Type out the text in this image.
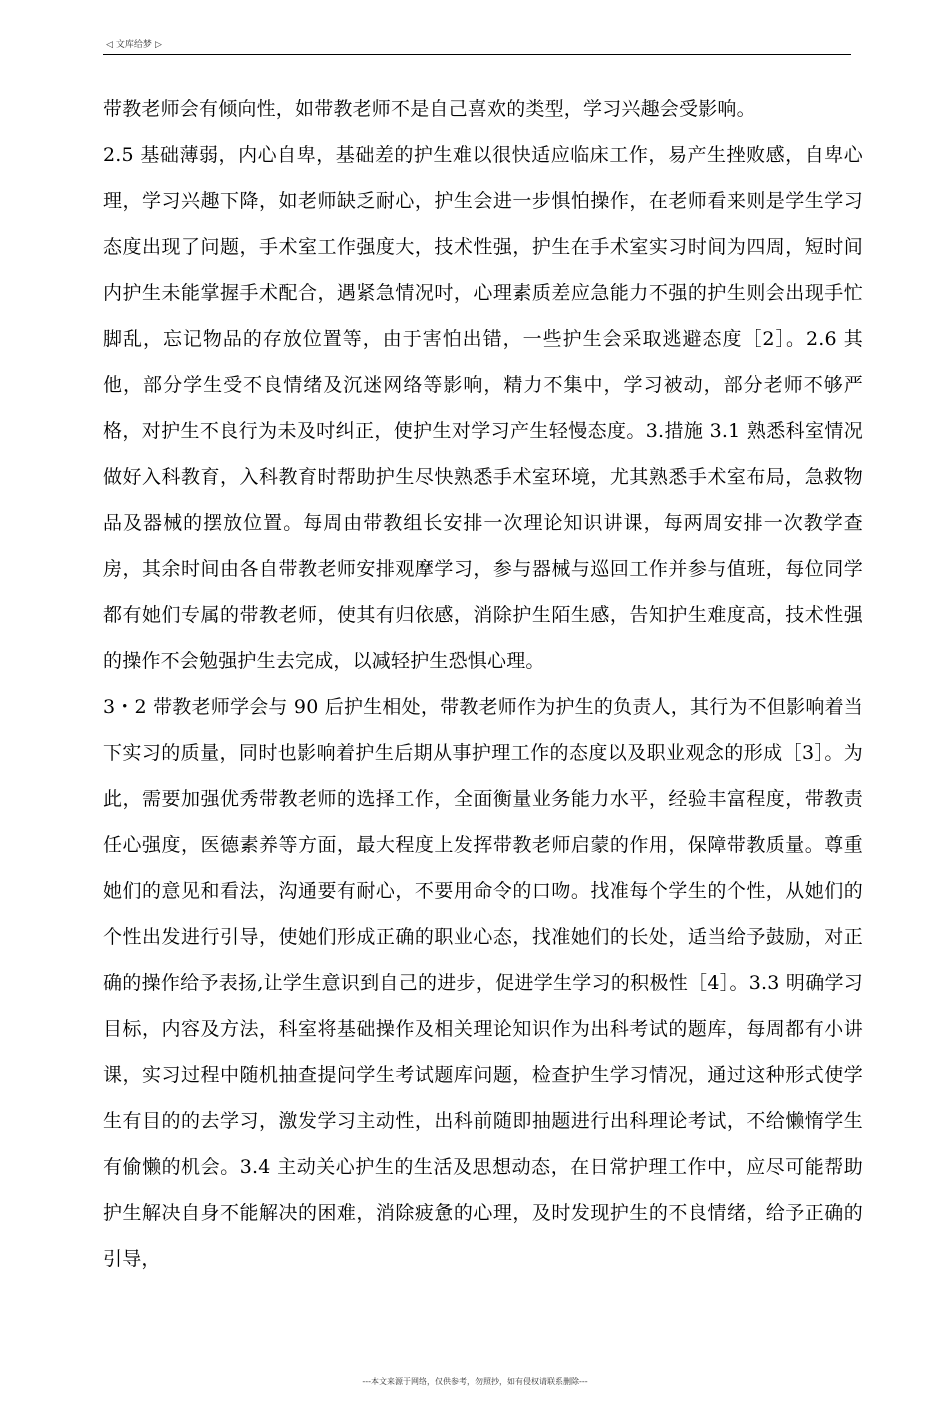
◁ 文库给梦 ▷

带教老师会有倾向性，如带教老师不是自己喜欢的类型，学习兴趣会受影响。

2.5 基础薄弱，内心自卑，基础差的护生难以很快适应临床工作，易产生挫败感，自卑心理，学习兴趣下降，如老师缺乏耐心，护生会进一步惧怕操作，在老师看来则是学生学习态度出现了问题，手术室工作强度大，技术性强，护生在手术室实习时间为四周，短时间内护生未能掌握手术配合，遇紧急情况吋，心理素质差应急能力不强的护生则会出现手忙脚乱，忘记物品的存放位置等，由于害怕出错，一些护生会采取逃避态度［2］。2.6 其他，部分学生受不良情绪及沉迷网络等影响，精力不集中，学习被动，部分老师不够严格，对护生不良行为未及吋纠正，使护生对学习产生轻慢态度。3.措施 3.1 熟悉科室情况做好入科教育，入科教育时帮助护生尽快熟悉手术室环境，尤其熟悉手术室布局，急救物品及器械的摆放位置。每周由带教组长安排一次理论知识讲课，每两周安排一次教学查房，其余时间由各自带教老师安排观摩学习，参与器械与巡回工作并参与值班，每位同学都有她们专属的带教老师，使其有归依感，消除护生陌生感，告知护生难度高，技术性强的操作不会勉强护生去完成，以减轻护生恐惧心理。

3・2 带教老师学会与 90 后护生相处，带教老师作为护生的负责人，其行为不但影响着当下实习的质量，同时也影响着护生后期从事护理工作的态度以及职业观念的形成［3］。为此，需要加强优秀带教老师的选择工作，全面衡量业务能力水平，经验丰富程度，带教责任心强度，医德素养等方面，最大程度上发挥带教老师启蒙的作用，保障带教质量。尊重她们的意见和看法，沟通要有耐心，不要用命令的口吻。找准每个学生的个性，从她们的个性出发进行引导，使她们形成正确的职业心态，找准她们的长处，适当给予鼓励，对正确的操作给予表扬,让学生意识到自己的进步，促进学生学习的积极性［4］。3.3 明确学习目标，内容及方法，科室将基础操作及相关理论知识作为出科考试的题库，每周都有小讲课，实习过程中随机抽查提问学生考试题库问题，检查护生学习情况，通过这种形式使学生有目的的去学习，激发学习主动性，出科前随即抽题进行出科理论考试，不给懒惰学生有偷懒的机会。3.4 主动关心护生的生活及思想动态，在日常护理工作中，应尽可能帮助护生解决自身不能解决的困难，消除疲惫的心理，及时发现护生的不良情绪，给予正确的引导，

---本文来源于网络，仅供参考，勿照抄，如有侵权请联系删除---
